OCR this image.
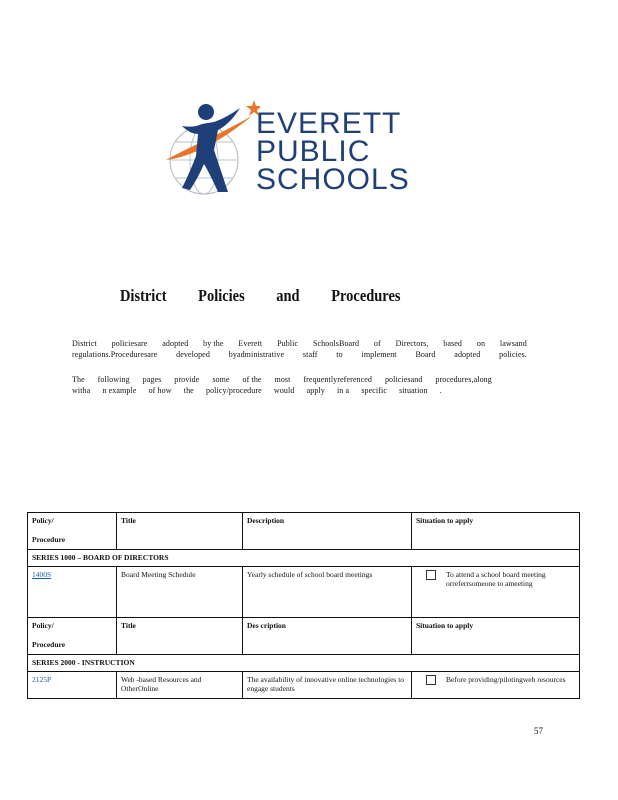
EVERETT
PUBLIC
SCHOOLS
District Policies and Procedures
District policiesare adopted by the Everett Public SchoolsBoard of Directors, based on lawsand
regulations.Proceduresare developed byadministrative staff to implement Board adopted policies.
The following pages provide some of the most frequentlyreferenced policiesand procedures,along
witha n example of how the policy/procedure would apply in a specific situation .
Policy/
Procedure	Title	Description	Situation to apply
SERIES 1000 – BOARD OF DIRECTORS			
1400S	Board Meeting Schedule	Yearly schedule of school board meetings	To attend a school board meeting orreferrsomeone to ameeting
Policy/
Procedure	Title	Des cription	Situation to apply
SERIES 2000 - INSTRUCTION			
2125P	Web -based Resources and OtherOnline	The availability of innovative online technologies to engage students	Before providing/pilotingweb resources
57
